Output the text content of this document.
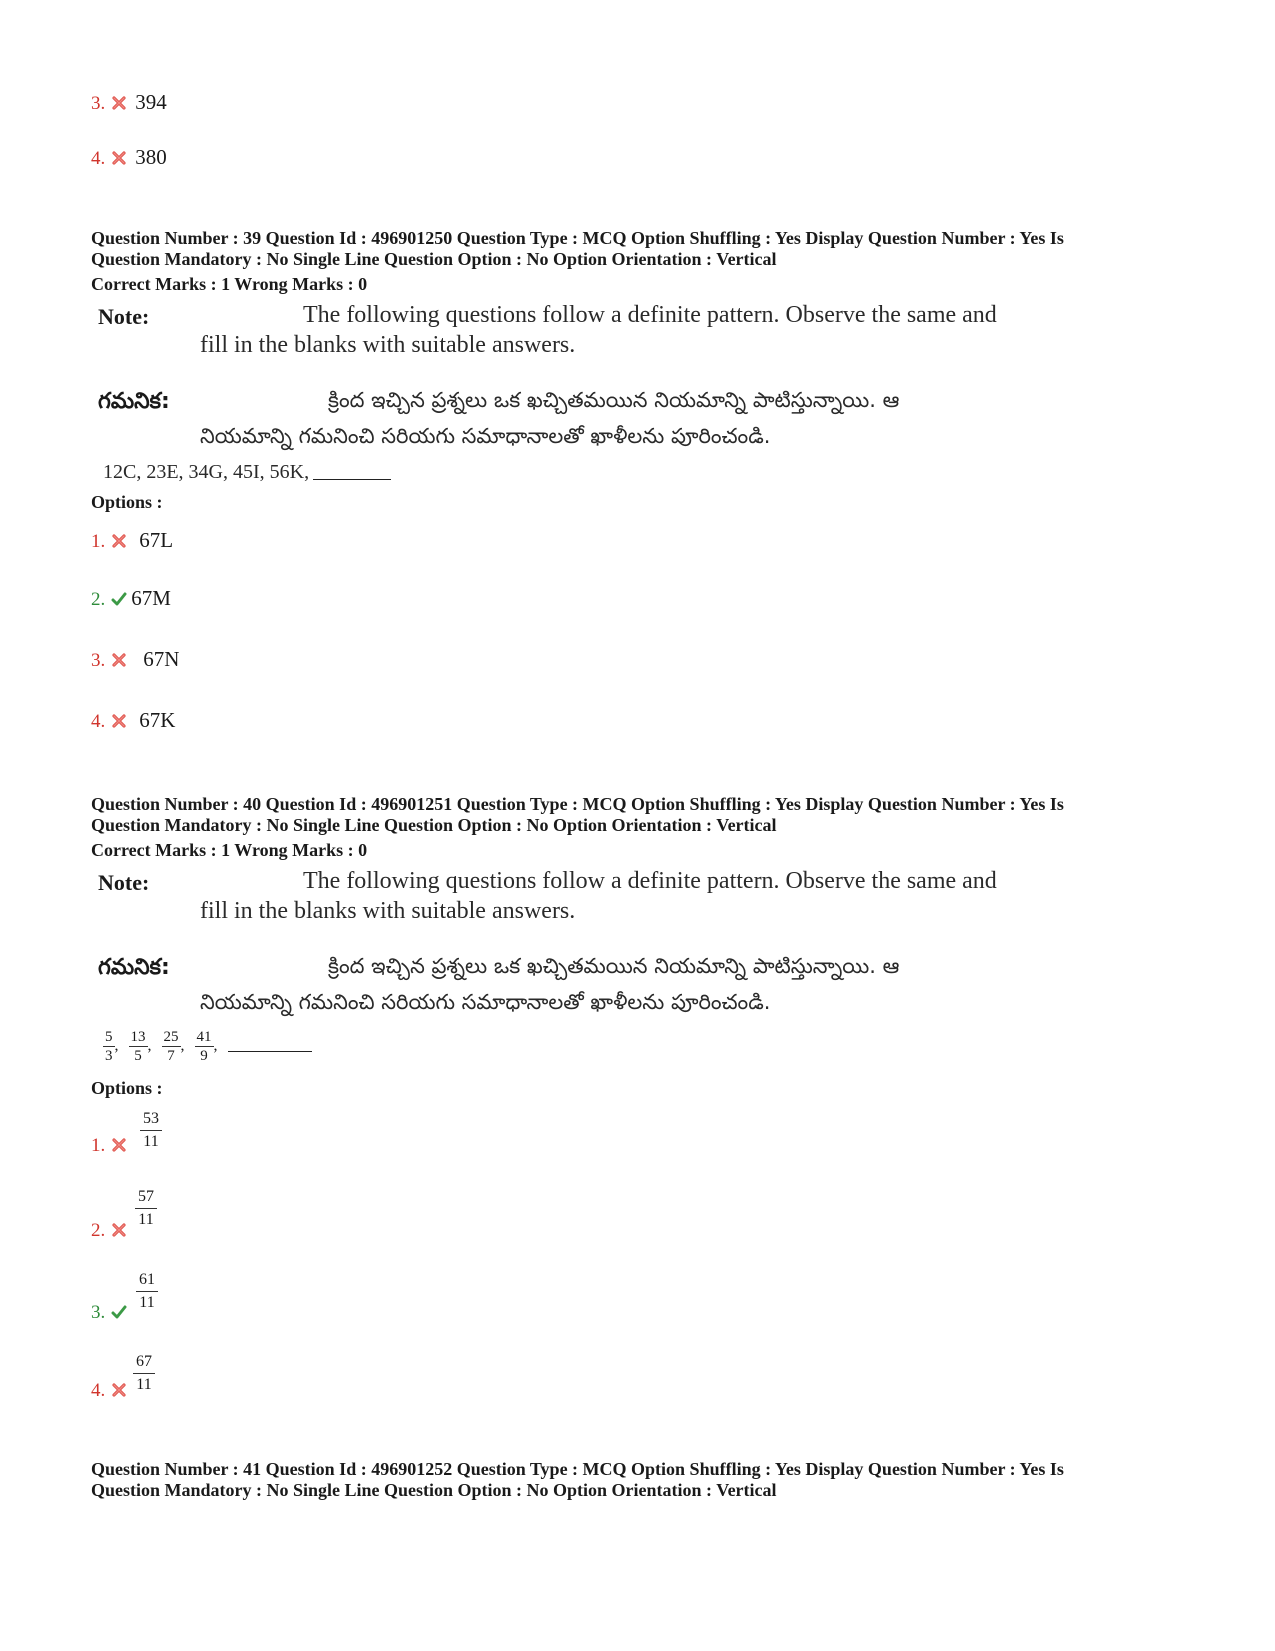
3. 394
4. 380
Question Number : 39 Question Id : 496901250 Question Type : MCQ Option Shuffling : Yes Display Question Number : Yes Is
Question Mandatory : No Single Line Question Option : No Option Orientation : Vertical
Correct Marks : 1 Wrong Marks : 0
Note:	The following questions follow a definite pattern. Observe the same and
fill in the blanks with suitable answers.
గమనిక:	క్రింద ఇచ్చిన ప్రశ్నలు ఒక ఖచ్చితమయిన నియమాన్ని పాటిస్తున్నాయి. ఆ
నియమాన్ని గమనించి సరియగు సమాధానాలతో ఖాళీలను పూరించండి.
12C, 23E, 34G, 45I, 56K,
Options :
1. 67L
2. 67M
3. 67N
4. 67K
Question Number : 40 Question Id : 496901251 Question Type : MCQ Option Shuffling : Yes Display Question Number : Yes Is
Question Mandatory : No Single Line Question Option : No Option Orientation : Vertical
Correct Marks : 1 Wrong Marks : 0
Note:	The following questions follow a definite pattern. Observe the same and
fill in the blanks with suitable answers.
గమనిక:	క్రింద ఇచ్చిన ప్రశ్నలు ఒక ఖచ్చితమయిన నియమాన్ని పాటిస్తున్నాయి. ఆ
నియమాన్ని గమనించి సరియగు సమాధానాలతో ఖాళీలను పూరించండి.
$\frac{5}{3}$ , $\frac{13}{5}$ , $\frac{25}{7}$ , $\frac{41}{9}$ ,
Options :
1.	$\frac{53}{11}$
2.	$\frac{57}{11}$
3.	$\frac{61}{11}$
4.	$\frac{67}{11}$
Question Number : 41 Question Id : 496901252 Question Type : MCQ Option Shuffling : Yes Display Question Number : Yes Is
Question Mandatory : No Single Line Question Option : No Option Orientation : Vertical
